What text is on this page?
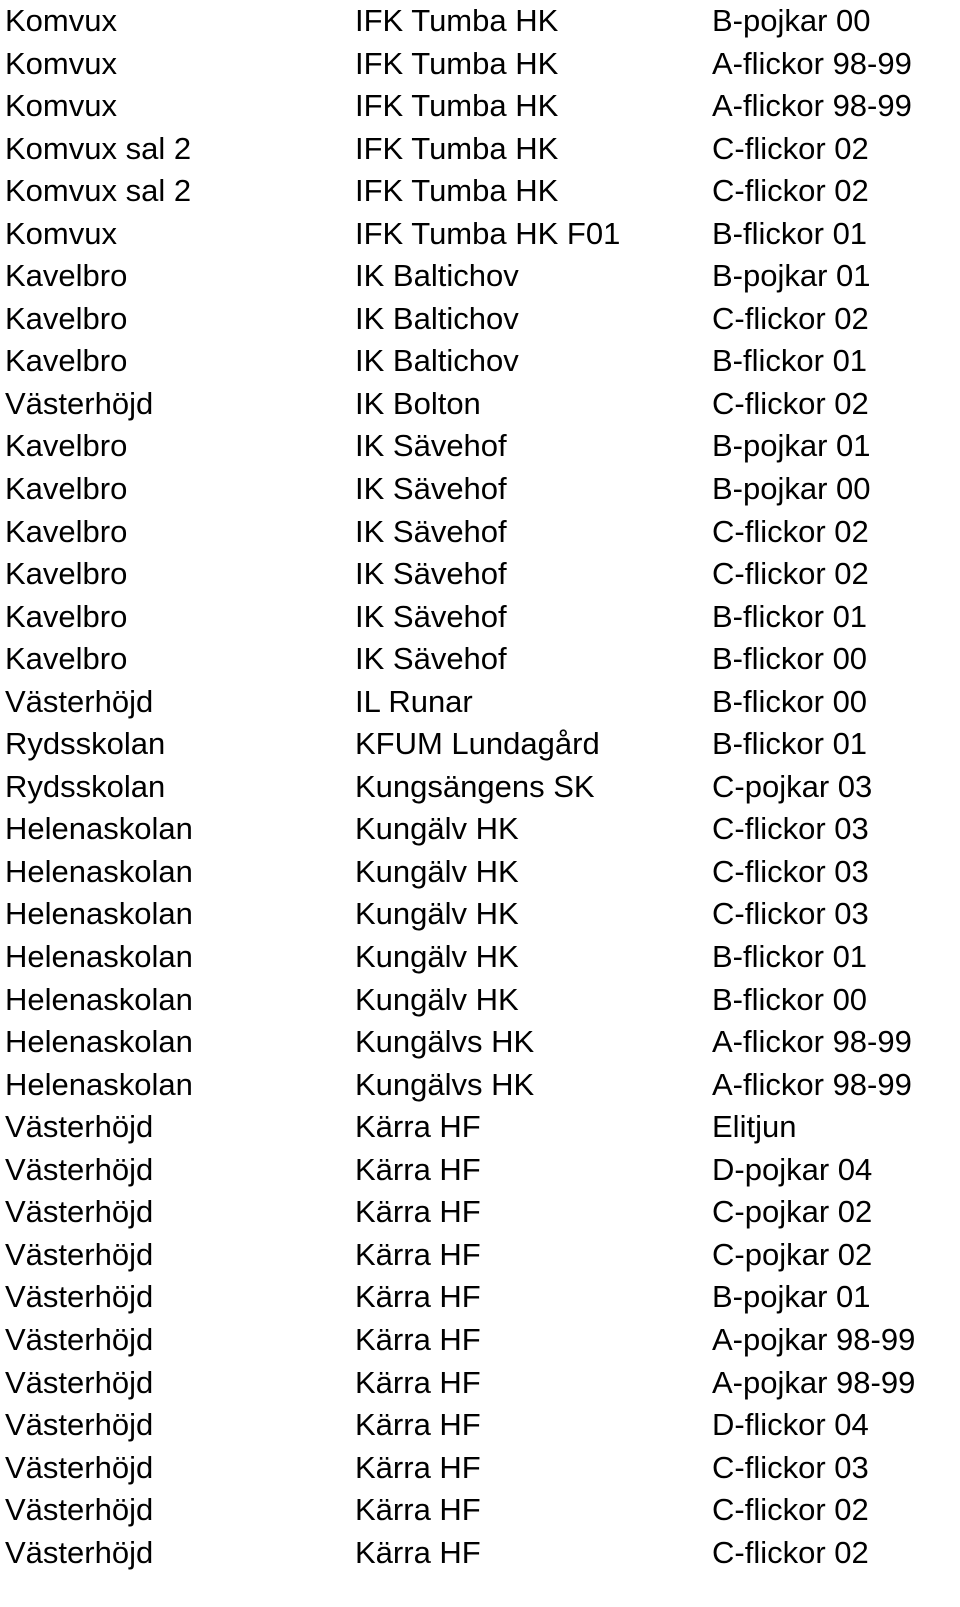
Komvux	IFK Tumba HK	B-pojkar 00
Komvux	IFK Tumba HK	A-flickor 98-99
Komvux	IFK Tumba HK	A-flickor 98-99
Komvux sal 2	IFK Tumba HK	C-flickor 02
Komvux sal 2	IFK Tumba HK	C-flickor 02
Komvux	IFK Tumba HK F01	B-flickor 01
Kavelbro	IK Baltichov	B-pojkar 01
Kavelbro	IK Baltichov	C-flickor 02
Kavelbro	IK Baltichov	B-flickor 01
Västerhöjd	IK Bolton	C-flickor 02
Kavelbro	IK Sävehof	B-pojkar 01
Kavelbro	IK Sävehof	B-pojkar 00
Kavelbro	IK Sävehof	C-flickor 02
Kavelbro	IK Sävehof	C-flickor 02
Kavelbro	IK Sävehof	B-flickor 01
Kavelbro	IK Sävehof	B-flickor 00
Västerhöjd	IL Runar	B-flickor 00
Rydsskolan	KFUM Lundagård	B-flickor 01
Rydsskolan	Kungsängens SK	C-pojkar 03
Helenaskolan	Kungälv HK	C-flickor 03
Helenaskolan	Kungälv HK	C-flickor 03
Helenaskolan	Kungälv HK	C-flickor 03
Helenaskolan	Kungälv HK	B-flickor 01
Helenaskolan	Kungälv HK	B-flickor 00
Helenaskolan	Kungälvs HK	A-flickor 98-99
Helenaskolan	Kungälvs HK	A-flickor 98-99
Västerhöjd	Kärra HF	Elitjun
Västerhöjd	Kärra HF	D-pojkar 04
Västerhöjd	Kärra HF	C-pojkar 02
Västerhöjd	Kärra HF	C-pojkar 02
Västerhöjd	Kärra HF	B-pojkar 01
Västerhöjd	Kärra HF	A-pojkar 98-99
Västerhöjd	Kärra HF	A-pojkar 98-99
Västerhöjd	Kärra HF	D-flickor 04
Västerhöjd	Kärra HF	C-flickor 03
Västerhöjd	Kärra HF	C-flickor 02
Västerhöjd	Kärra HF	C-flickor 02
